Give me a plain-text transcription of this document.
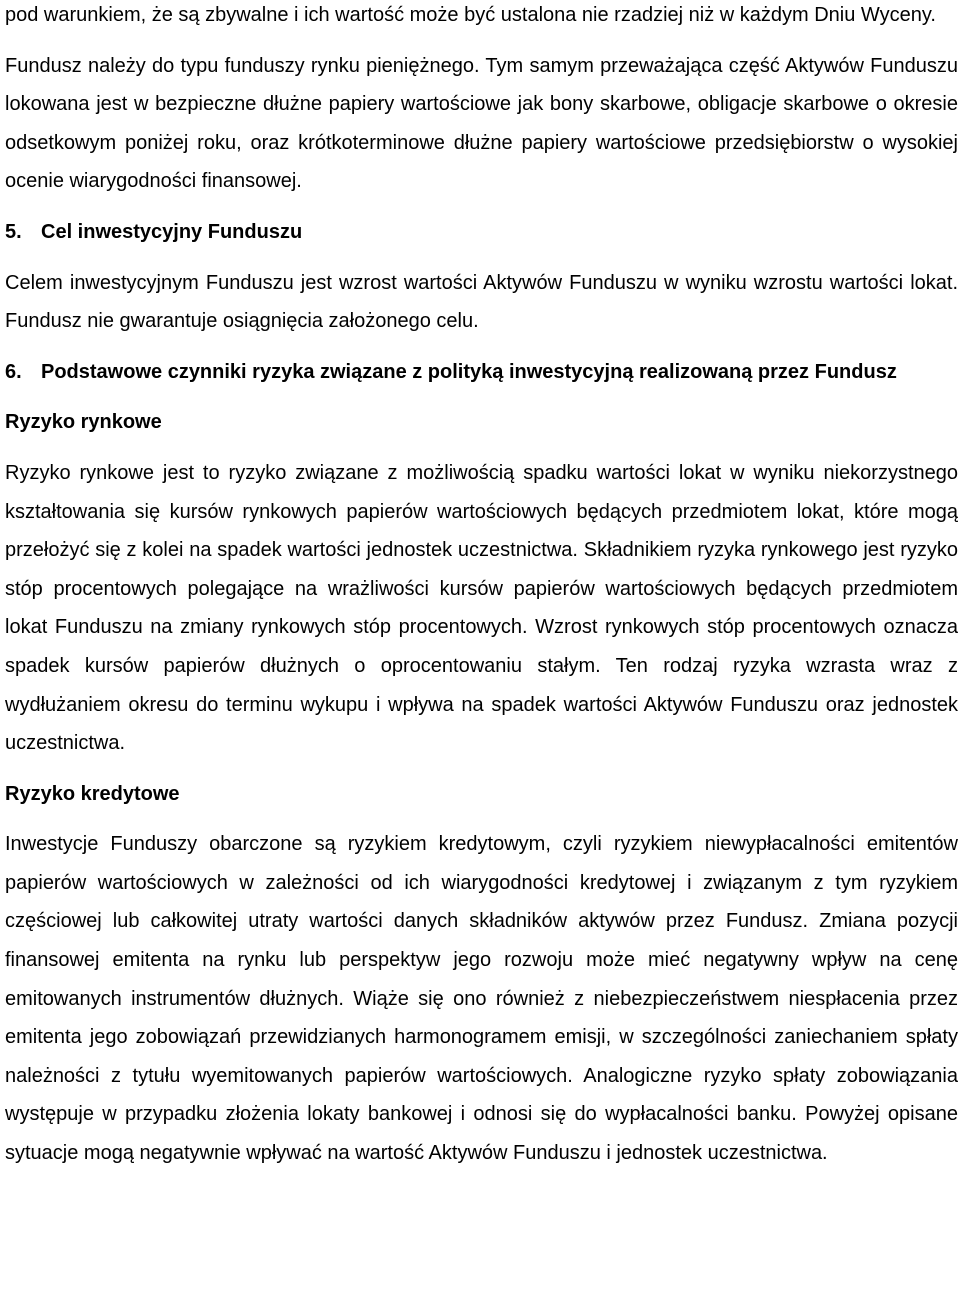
pod warunkiem, że są zbywalne i ich wartość może być ustalona nie rzadziej niż w każdym Dniu Wyceny.

Fundusz należy do typu funduszy rynku pieniężnego. Tym samym przeważająca część Aktywów Funduszu lokowana jest w bezpieczne dłużne papiery wartościowe jak bony skarbowe, obligacje skarbowe o okresie odsetkowym poniżej roku, oraz krótkoterminowe dłużne papiery wartościowe przedsiębiorstw o wysokiej ocenie wiarygodności finansowej.

5. Cel inwestycyjny Funduszu

Celem inwestycyjnym Funduszu jest wzrost wartości Aktywów Funduszu w wyniku wzrostu wartości lokat. Fundusz nie gwarantuje osiągnięcia założonego celu.

6. Podstawowe czynniki ryzyka związane z polityką inwestycyjną realizowaną przez Fundusz
Ryzyko rynkowe

Ryzyko rynkowe jest to ryzyko związane z możliwością spadku wartości lokat w wyniku niekorzystnego kształtowania się kursów rynkowych papierów wartościowych będących przedmiotem lokat, które mogą przełożyć się z kolei na spadek wartości jednostek uczestnictwa. Składnikiem ryzyka rynkowego jest ryzyko stóp procentowych polegające na wrażliwości kursów papierów wartościowych będących przedmiotem lokat Funduszu na zmiany rynkowych stóp procentowych. Wzrost rynkowych stóp procentowych oznacza spadek kursów papierów dłużnych o oprocentowaniu stałym. Ten rodzaj ryzyka wzrasta wraz z wydłużaniem okresu do terminu wykupu i wpływa na spadek wartości Aktywów Funduszu oraz jednostek uczestnictwa.

Ryzyko kredytowe

Inwestycje Funduszy obarczone są ryzykiem kredytowym, czyli ryzykiem niewypłacalności emitentów papierów wartościowych w zależności od ich wiarygodności kredytowej i związanym z tym ryzykiem częściowej lub całkowitej utraty wartości danych składników aktywów przez Fundusz. Zmiana pozycji finansowej emitenta na rynku lub perspektyw jego rozwoju może mieć negatywny wpływ na cenę emitowanych instrumentów dłużnych. Wiąże się ono również z niebezpieczeństwem niespłacenia przez emitenta jego zobowiązań przewidzianych harmonogramem emisji, w szczególności zaniechaniem spłaty należności z tytułu wyemitowanych papierów wartościowych. Analogiczne ryzyko spłaty zobowiązania występuje w przypadku złożenia lokaty bankowej i odnosi się do wypłacalności banku. Powyżej opisane sytuacje mogą negatywnie wpływać na wartość Aktywów Funduszu i jednostek uczestnictwa.
